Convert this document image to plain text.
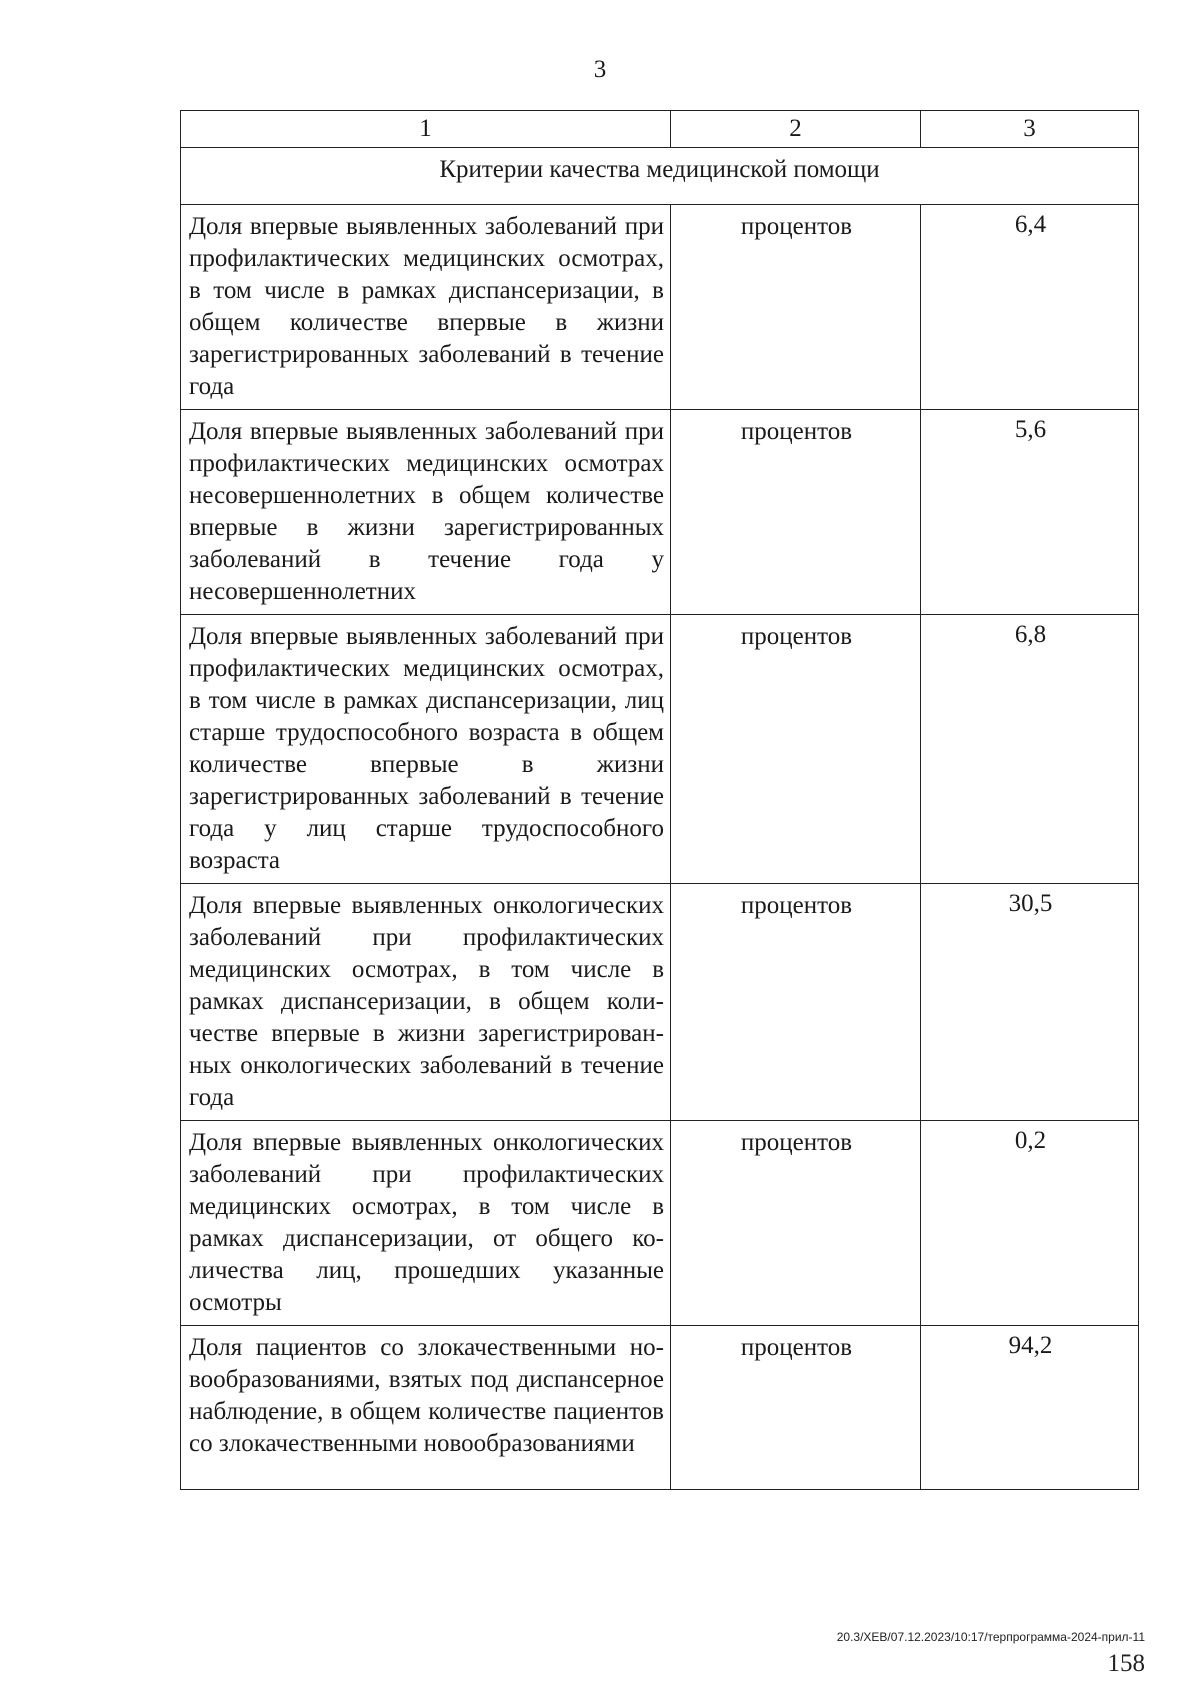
3
1	2	3
Критерии качества медицинской помощи		
Доля впервые выявленных заболеваний при профилактических медицинских осмотрах, в том числе в рамках диспансеризации, в общем количестве впервые в жизни зарегистрированных заболеваний в течение года	процентов	6,4
Доля впервые выявленных заболеваний при профилактических медицинских осмотрах несовершеннолетних в общем количестве впервые в жизни зарегистрированных заболеваний в течение года у несовершеннолетних	процентов	5,6
Доля впервые выявленных заболеваний при профилактических медицинских осмотрах, в том числе в рамках диспансеризации, лиц старше трудоспособного возраста в общем количестве впервые в жизни зарегистрированных заболеваний в течение года у лиц старше трудоспособного возраста	процентов	6,8
Доля впервые выявленных онкологических заболеваний при профилактических медицинских осмотрах, в том числе в рамках диспансеризации, в общем количестве впервые в жизни зарегистрированных онкологических заболеваний в течение года	процентов	30,5
Доля впервые выявленных онкологических заболеваний при профилактических медицинских осмотрах, в том числе в рамках диспансеризации, от общего количества лиц, прошедших указанные осмотры	процентов	0,2
Доля пациентов со злокачественными новообразованиями, взятых под диспансерное наблюдение, в общем количестве пациентов со злокачественными новообразованиями	процентов	94,2
20.3/ХЕВ/07.12.2023/10:17/терпрограмма-2024-прил-11
158
